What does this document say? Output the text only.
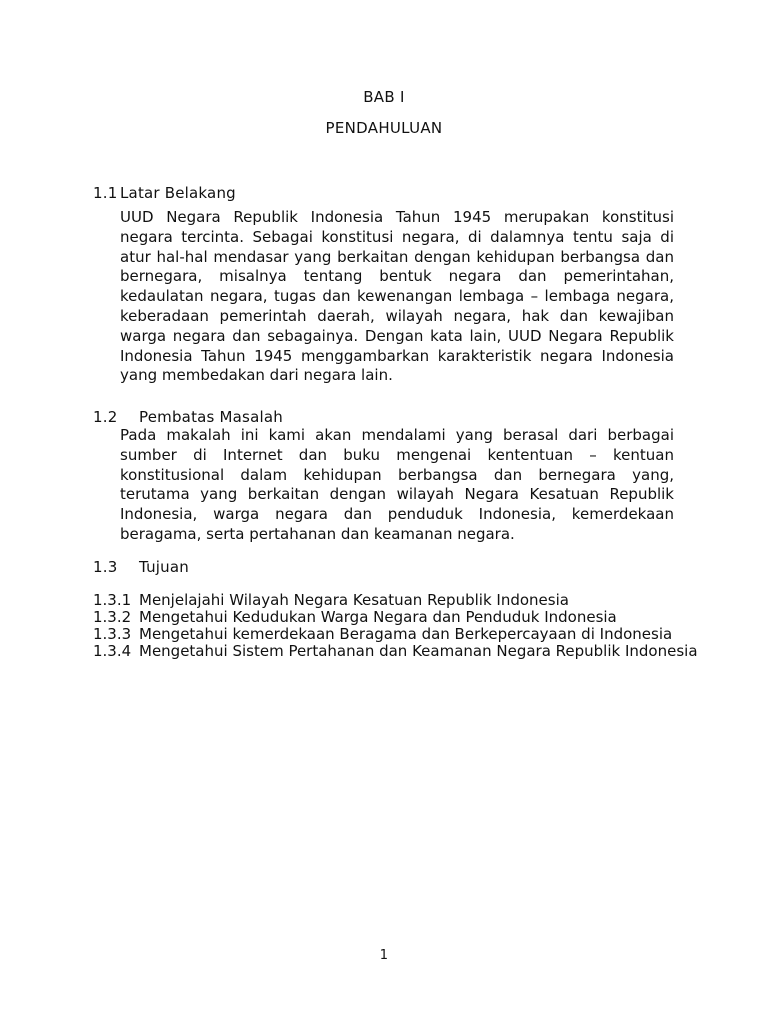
BAB I
PENDAHULUAN
1.1 Latar Belakang

UUD Negara Republik Indonesia Tahun 1945 merupakan konstitusi negara tercinta. Sebagai konstitusi negara, di dalamnya tentu saja di atur hal-hal mendasar yang berkaitan dengan kehidupan berbangsa dan bernegara, misalnya tentang bentuk negara dan pemerintahan, kedaulatan negara, tugas dan kewenangan lembaga – lembaga negara, keberadaan pemerintah daerah, wilayah negara, hak dan kewajiban warga negara dan sebagainya. Dengan kata lain, UUD Negara Republik Indonesia Tahun 1945 menggambarkan karakteristik negara Indonesia yang membedakan dari negara lain.

1.2 Pembatas Masalah

Pada makalah ini kami akan mendalami yang berasal dari berbagai sumber di Internet dan buku mengenai kententuan – kentuan konstitusional dalam kehidupan berbangsa dan bernegara yang, terutama yang berkaitan dengan wilayah Negara Kesatuan Republik Indonesia, warga negara dan penduduk Indonesia, kemerdekaan beragama, serta pertahanan dan keamanan negara.

1.3 Tujuan
1.3.1 Menjelajahi Wilayah Negara Kesatuan Republik Indonesia
1.3.2 Mengetahui Kedudukan Warga Negara dan Penduduk Indonesia
1.3.3 Mengetahui kemerdekaan Beragama dan Berkepercayaan di Indonesia
1.3.4 Mengetahui Sistem Pertahanan dan Keamanan Negara Republik Indonesia
1
